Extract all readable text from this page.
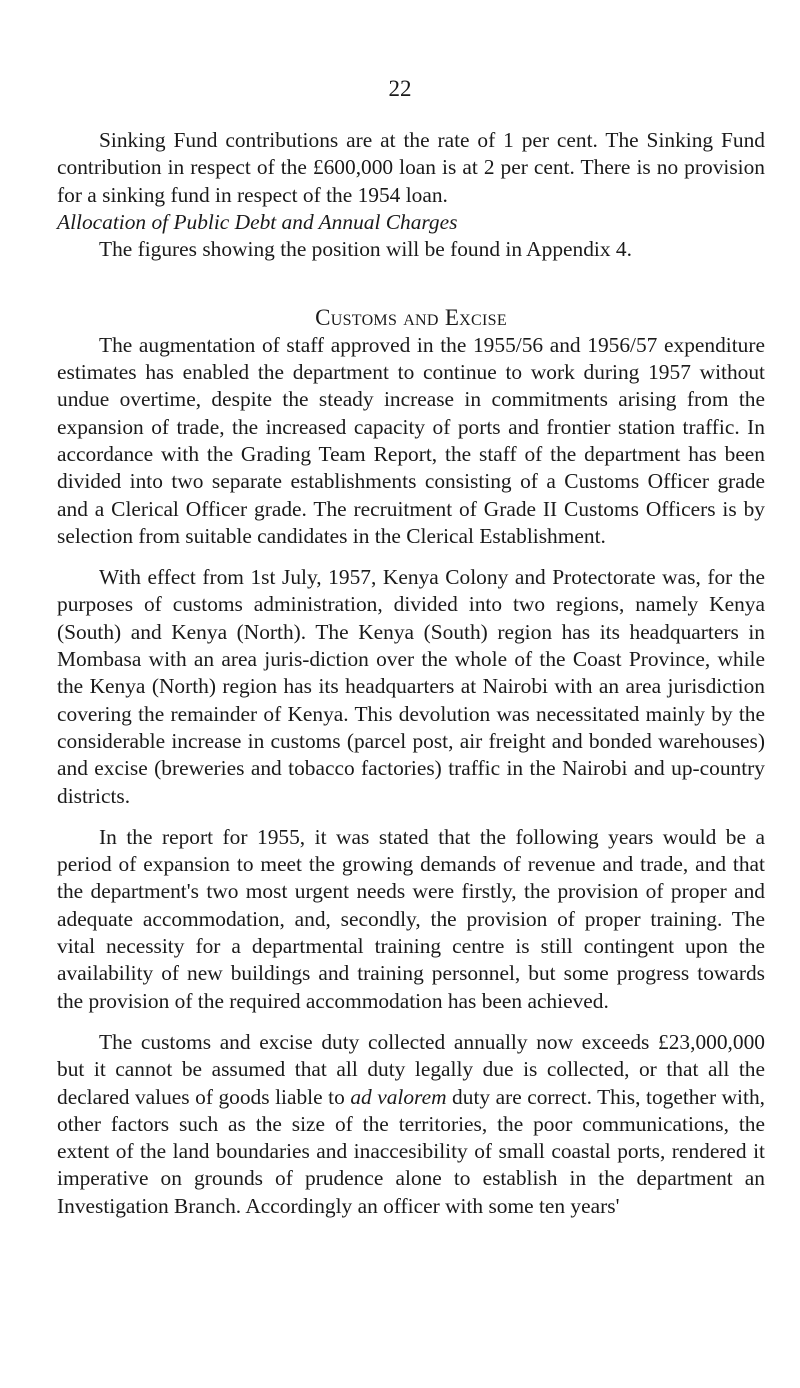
22

Sinking Fund contributions are at the rate of 1 per cent. The Sinking Fund contribution in respect of the £600,000 loan is at 2 per cent. There is no provision for a sinking fund in respect of the 1954 loan.

Allocation of Public Debt and Annual Charges

The figures showing the position will be found in Appendix 4.

Customs and Excise

The augmentation of staff approved in the 1955/56 and 1956/57 expenditure estimates has enabled the department to continue to work during 1957 without undue overtime, despite the steady increase in commitments arising from the expansion of trade, the increased capacity of ports and frontier station traffic. In accordance with the Grading Team Report, the staff of the department has been divided into two separate establishments consisting of a Customs Officer grade and a Clerical Officer grade. The recruitment of Grade II Customs Officers is by selection from suitable candidates in the Clerical Establishment.

With effect from 1st July, 1957, Kenya Colony and Protectorate was, for the purposes of customs administration, divided into two regions, namely Kenya (South) and Kenya (North). The Kenya (South) region has its headquarters in Mombasa with an area juris-diction over the whole of the Coast Province, while the Kenya (North) region has its headquarters at Nairobi with an area jurisdiction covering the remainder of Kenya. This devolution was necessitated mainly by the considerable increase in customs (parcel post, air freight and bonded warehouses) and excise (breweries and tobacco factories) traffic in the Nairobi and up-country districts.

In the report for 1955, it was stated that the following years would be a period of expansion to meet the growing demands of revenue and trade, and that the department's two most urgent needs were firstly, the provision of proper and adequate accommodation, and, secondly, the provision of proper training. The vital necessity for a departmental training centre is still contingent upon the availability of new buildings and training personnel, but some progress towards the provision of the required accommodation has been achieved.

The customs and excise duty collected annually now exceeds £23,000,000 but it cannot be assumed that all duty legally due is collected, or that all the declared values of goods liable to ad valorem duty are correct. This, together with, other factors such as the size of the territories, the poor communications, the extent of the land boundaries and inaccesibility of small coastal ports, rendered it imperative on grounds of prudence alone to establish in the department an Investigation Branch. Accordingly an officer with some ten years'
